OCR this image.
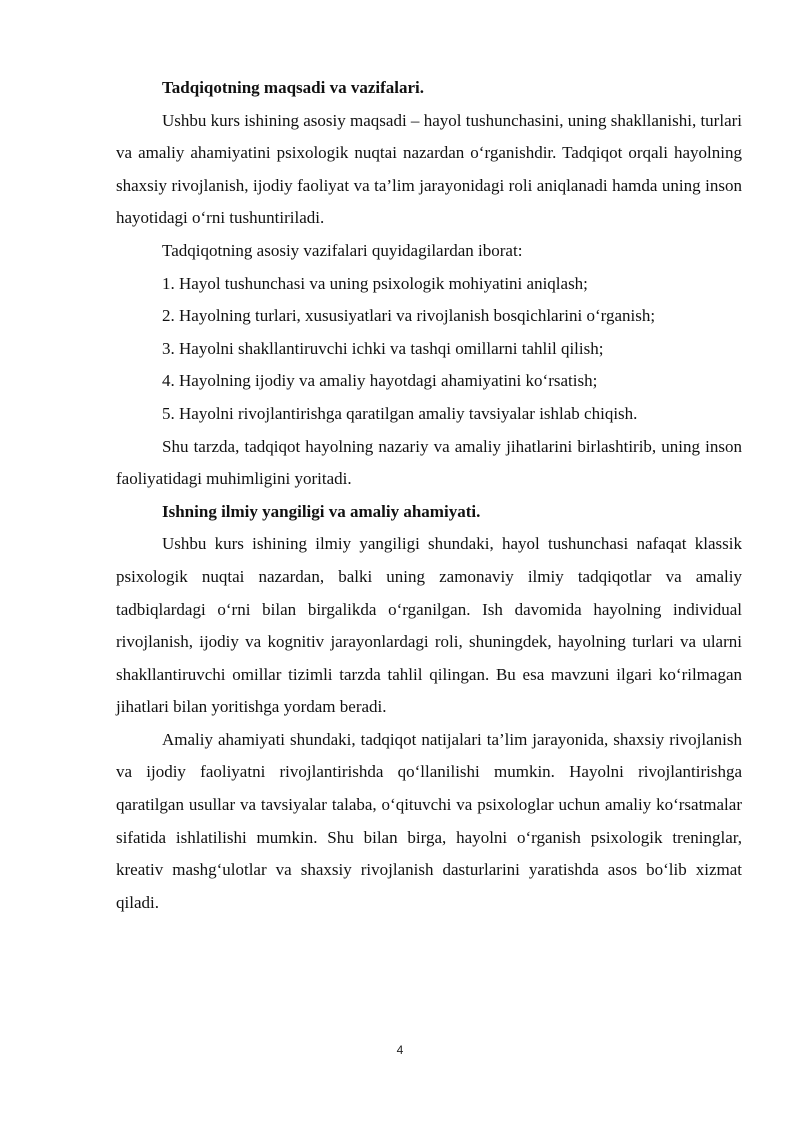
Tadqiqotning maqsadi va vazifalari.

Ushbu kurs ishining asosiy maqsadi – hayol tushunchasini, uning shakllanishi, turlari va amaliy ahamiyatini psixologik nuqtai nazardan o‘rganishdir. Tadqiqot orqali hayolning shaxsiy rivojlanish, ijodiy faoliyat va ta’lim jarayonidagi roli aniqlanadi hamda uning inson hayotidagi o‘rni tushuntiriladi.

Tadqiqotning asosiy vazifalari quyidagilardan iborat:

1. Hayol tushunchasi va uning psixologik mohiyatini aniqlash;

2. Hayolning turlari, xususiyatlari va rivojlanish bosqichlarini o‘rganish;

3. Hayolni shakllantiruvchi ichki va tashqi omillarni tahlil qilish;

4. Hayolning ijodiy va amaliy hayotdagi ahamiyatini ko‘rsatish;

5. Hayolni rivojlantirishga qaratilgan amaliy tavsiyalar ishlab chiqish.

Shu tarzda, tadqiqot hayolning nazariy va amaliy jihatlarini birlashtirib, uning inson faoliyatidagi muhimligini yoritadi.

Ishning ilmiy yangiligi va amaliy ahamiyati.

Ushbu kurs ishining ilmiy yangiligi shundaki, hayol tushunchasi nafaqat klassik psixologik nuqtai nazardan, balki uning zamonaviy ilmiy tadqiqotlar va amaliy tadbiqlardagi o‘rni bilan birgalikda o‘rganilgan. Ish davomida hayolning individual rivojlanish, ijodiy va kognitiv jarayonlardagi roli, shuningdek, hayolning turlari va ularni shakllantiruvchi omillar tizimli tarzda tahlil qilingan. Bu esa mavzuni ilgari ko‘rilmagan jihatlari bilan yoritishga yordam beradi.

Amaliy ahamiyati shundaki, tadqiqot natijalari ta’lim jarayonida, shaxsiy rivojlanish va ijodiy faoliyatni rivojlantirishda qo‘llanilishi mumkin. Hayolni rivojlantirishga qaratilgan usullar va tavsiyalar talaba, o‘qituvchi va psixologlar uchun amaliy ko‘rsatmalar sifatida ishlatilishi mumkin. Shu bilan birga, hayolni o‘rganish psixologik treninglar, kreativ mashg‘ulotlar va shaxsiy rivojlanish dasturlarini yaratishda asos bo‘lib xizmat qiladi.

4
